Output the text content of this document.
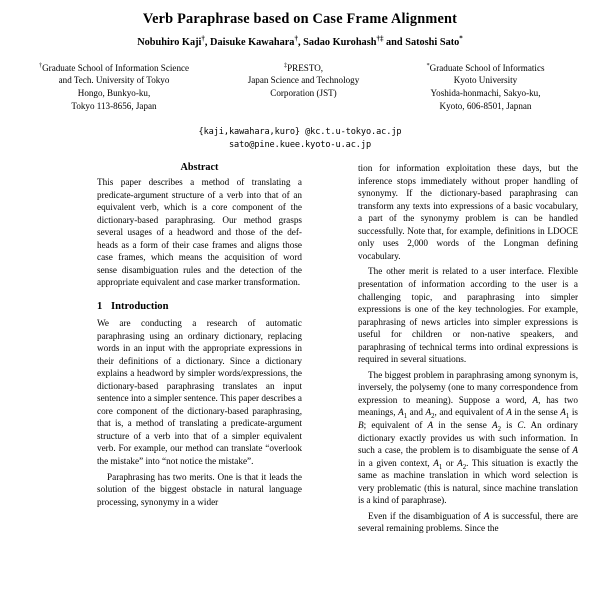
Verb Paraphrase based on Case Frame Alignment
Nobuhiro Kaji†, Daisuke Kawahara†, Sadao Kurohash†‡ and Satoshi Sato*
†Graduate School of Information Science
and Tech. University of Tokyo
Hongo, Bunkyo-ku,
Tokyo 113-8656, Japan
‡PRESTO,
Japan Science and Technology
Corporation (JST)
*Graduate School of Informatics
Kyoto University
Yoshida-honmachi, Sakyo-ku,
Kyoto, 606-8501, Japnan
{kaji,kawahara,kuro} @kc.t.u-tokyo.ac.jp
sato@pine.kuee.kyoto-u.ac.jp
Abstract

This paper describes a method of translating a predicate-argument structure of a verb into that of an equivalent verb, which is a core component of the dictionary-based paraphrasing. Our method grasps several usages of a headword and those of the def-heads as a form of their case frames and aligns those case frames, which means the acquisition of word sense disambiguation rules and the detection of the appropriate equivalent and case marker transformation.

1 Introduction

We are conducting a research of automatic paraphrasing using an ordinary dictionary, replacing words in an input with the appropriate expressions in their definitions of a dictionary. Since a dictionary explains a headword by simpler words/expressions, the dictionary-based paraphrasing translates an input sentence into a simpler sentence. This paper describes a core component of the dictionary-based paraphrasing, that is, a method of translating a predicate-argument structure of a verb into that of a simpler equivalent verb. For example, our method can translate “overlook the mistake” into “not notice the mistake”.

Paraphrasing has two merits. One is that it leads the solution of the biggest obstacle in natural language processing, synonymy in a wider

tion for information exploitation these days, but the inference stops immediately without proper handling of synonymy. If the dictionary-based paraphrasing can transform any texts into expressions of a basic vocabulary, a part of the synonymy problem is can be handled successfully. Note that, for example, definitions in LDOCE only uses 2,000 words of the Longman defining vocabulary.

The other merit is related to a user interface. Flexible presentation of information according to the user is a challenging topic, and paraphrasing into simpler expressions is one of the key technologies. For example, paraphrasing of news articles into simpler expressions is useful for children or non-native speakers, and paraphrasing of technical terms into ordinal expressions is required in several situations.

The biggest problem in paraphrasing among synonym is, inversely, the polysemy (one to many correspondence from expression to meaning). Suppose a word, A, has two meanings, $A_1$ and $A_2$, and equivalent of A in the sense $A_1$ is B; equivalent of A in the sense $A_2$ is C. An ordinary dictionary exactly provides us with such information. In such a case, the problem is to disambiguate the sense of A in a given context, $A_1$ or $A_2$. This situation is exactly the same as machine translation in which word selection is very problematic (this is natural, since machine translation is a kind of paraphrase).

Even if the disambiguation of A is successful, there are several remaining problems. Since the
